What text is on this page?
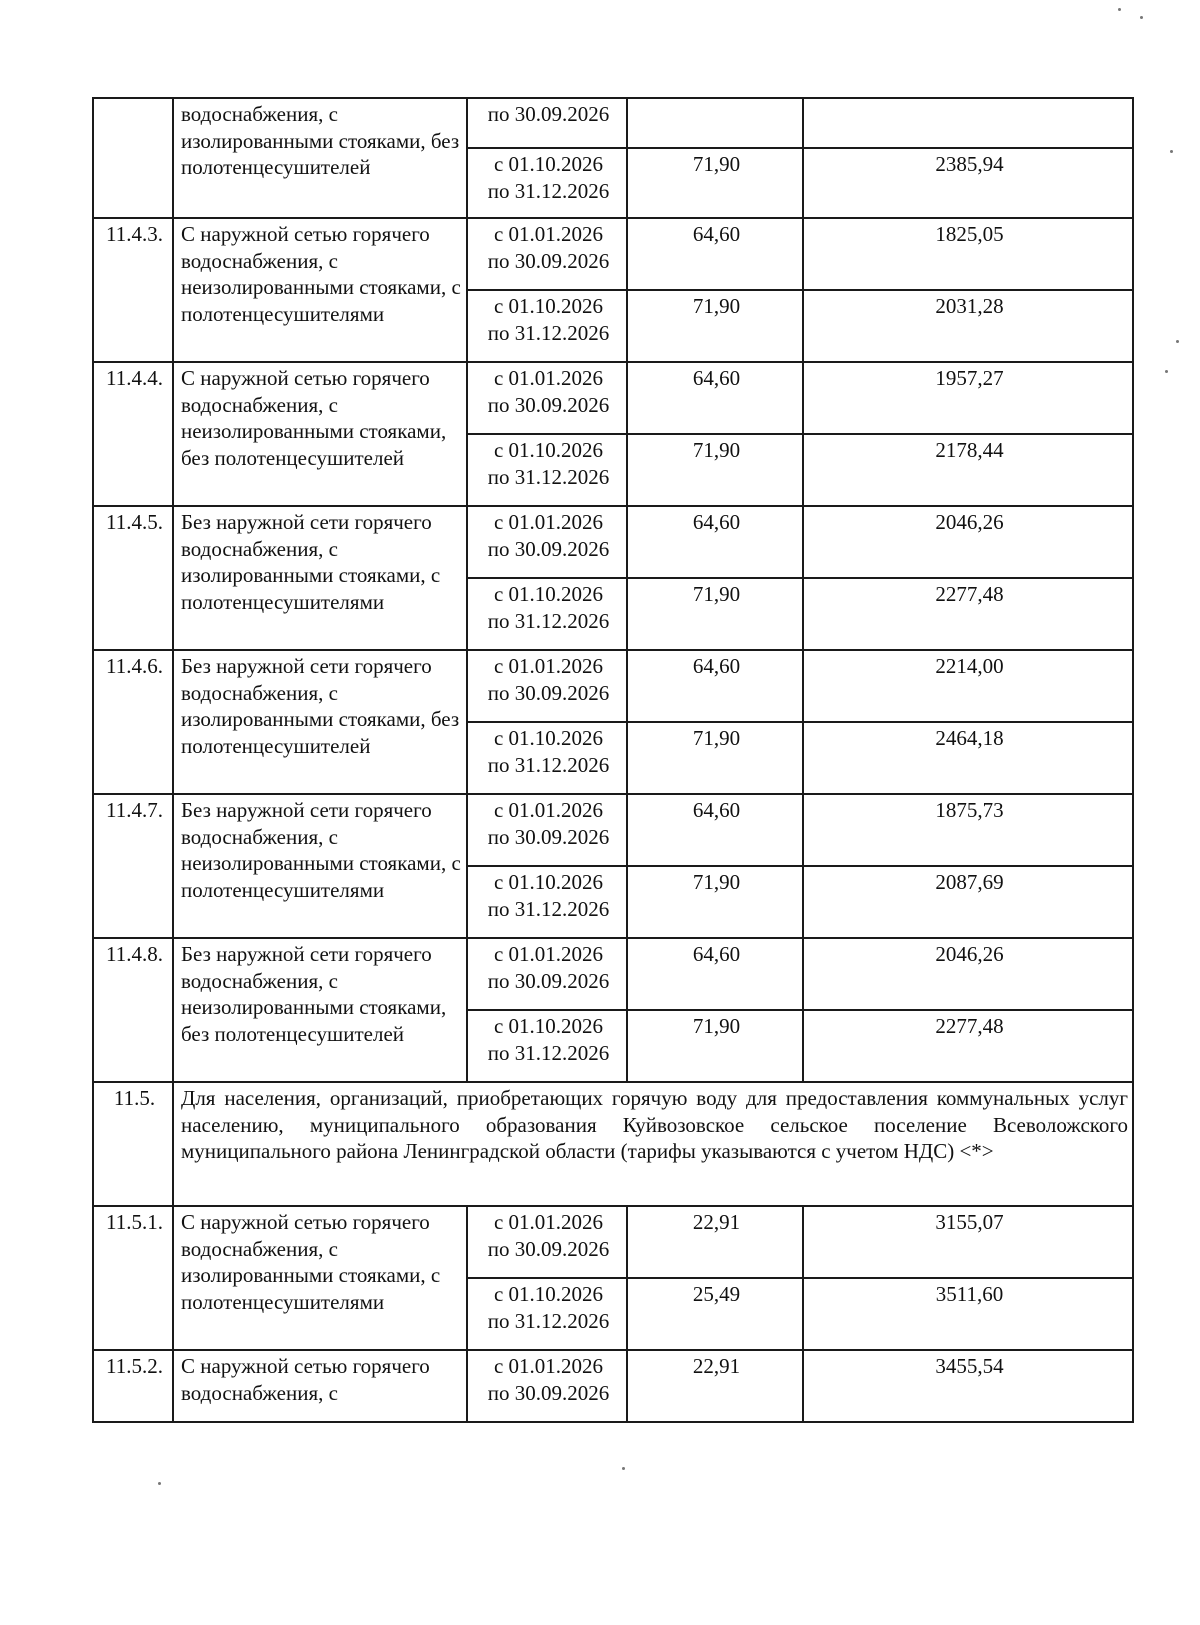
	водоснабжения, с изолированными стояками, без полотенцесушителей	по 30.09.2026		

		с 01.10.2026
по 31.12.2026	71,90	2385,94
11.4.3.	С наружной сетью горячего водоснабжения, с неизолированными стояками, с полотенцесушителями	с 01.01.2026
по 30.09.2026	64,60	1825,05

		с 01.10.2026
по 31.12.2026	71,90	2031,28
11.4.4.	С наружной сетью горячего водоснабжения, с неизолированными стояками, без полотенцесушителей	с 01.01.2026
по 30.09.2026	64,60	1957,27

		с 01.10.2026
по 31.12.2026	71,90	2178,44
11.4.5.	Без наружной сети горячего водоснабжения, с изолированными стояками, с полотенцесушителями	с 01.01.2026
по 30.09.2026	64,60	2046,26

		с 01.10.2026
по 31.12.2026	71,90	2277,48
11.4.6.	Без наружной сети горячего водоснабжения, с изолированными стояками, без полотенцесушителей	с 01.01.2026
по 30.09.2026	64,60	2214,00

		с 01.10.2026
по 31.12.2026	71,90	2464,18
11.4.7.	Без наружной сети горячего водоснабжения, с неизолированными стояками, с полотенцесушителями	с 01.01.2026
по 30.09.2026	64,60	1875,73

		с 01.10.2026
по 31.12.2026	71,90	2087,69
11.4.8.	Без наружной сети горячего водоснабжения, с неизолированными стояками, без полотенцесушителей	с 01.01.2026
по 30.09.2026	64,60	2046,26

		с 01.10.2026
по 31.12.2026	71,90	2277,48
11.5.	Для населения, организаций, приобретающих горячую воду для предоставления коммунальных услуг населению, муниципального образования Куйвозовское сельское поселение Всеволожского муниципального района Ленинградской области (тарифы указываются с учетом НДС) <*>			
11.5.1.	С наружной сетью горячего водоснабжения, с изолированными стояками, с полотенцесушителями	с 01.01.2026
по 30.09.2026	22,91	3155,07

		с 01.10.2026
по 31.12.2026	25,49	3511,60
11.5.2.	С наружной сетью горячего водоснабжения, с	с 01.01.2026
по 30.09.2026	22,91	3455,54
